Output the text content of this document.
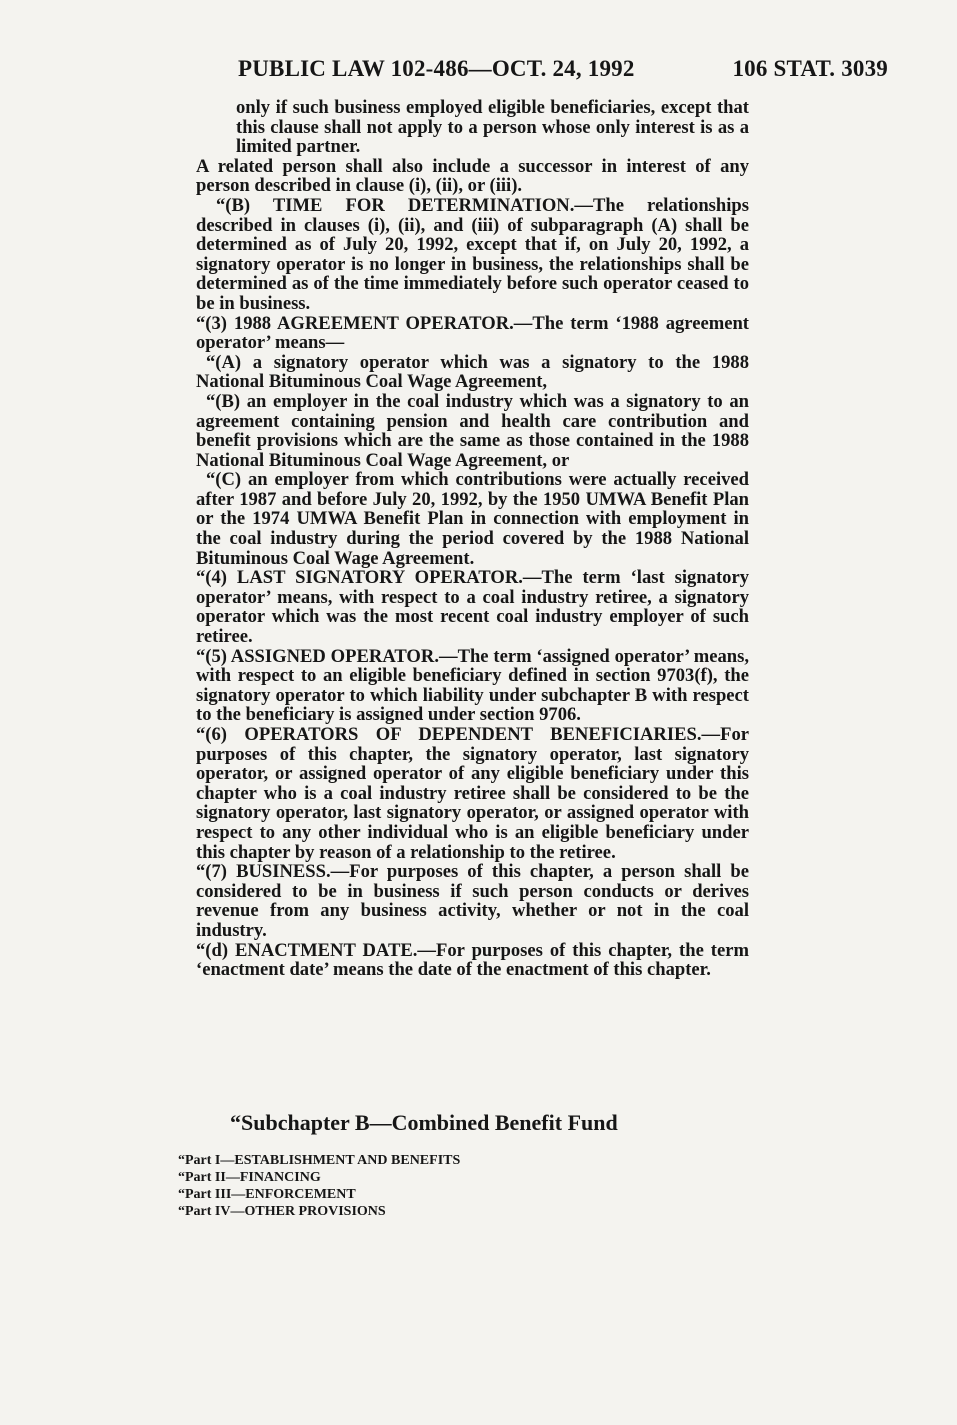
PUBLIC LAW 102-486—OCT. 24, 1992	106 STAT. 3039

only if such business employed eligible beneficiaries, except that this clause shall not apply to a person whose only interest is as a limited partner.

A related person shall also include a successor in interest of any person described in clause (i), (ii), or (iii).

“(B) TIME FOR DETERMINATION.—The relationships described in clauses (i), (ii), and (iii) of subparagraph (A) shall be determined as of July 20, 1992, except that if, on July 20, 1992, a signatory operator is no longer in business, the relationships shall be determined as of the time immediately before such operator ceased to be in business.

“(3) 1988 AGREEMENT OPERATOR.—The term ‘1988 agreement operator’ means—

“(A) a signatory operator which was a signatory to the 1988 National Bituminous Coal Wage Agreement,

“(B) an employer in the coal industry which was a signatory to an agreement containing pension and health care contribution and benefit provisions which are the same as those contained in the 1988 National Bituminous Coal Wage Agreement, or

“(C) an employer from which contributions were actually received after 1987 and before July 20, 1992, by the 1950 UMWA Benefit Plan or the 1974 UMWA Benefit Plan in connection with employment in the coal industry during the period covered by the 1988 National Bituminous Coal Wage Agreement.

“(4) LAST SIGNATORY OPERATOR.—The term ‘last signatory operator’ means, with respect to a coal industry retiree, a signatory operator which was the most recent coal industry employer of such retiree.

“(5) ASSIGNED OPERATOR.—The term ‘assigned operator’ means, with respect to an eligible beneficiary defined in section 9703(f), the signatory operator to which liability under subchapter B with respect to the beneficiary is assigned under section 9706.

“(6) OPERATORS OF DEPENDENT BENEFICIARIES.—For purposes of this chapter, the signatory operator, last signatory operator, or assigned operator of any eligible beneficiary under this chapter who is a coal industry retiree shall be considered to be the signatory operator, last signatory operator, or assigned operator with respect to any other individual who is an eligible beneficiary under this chapter by reason of a relationship to the retiree.

“(7) BUSINESS.—For purposes of this chapter, a person shall be considered to be in business if such person conducts or derives revenue from any business activity, whether or not in the coal industry.

“(d) ENACTMENT DATE.—For purposes of this chapter, the term ‘enactment date’ means the date of the enactment of this chapter.

“Subchapter B—Combined Benefit Fund
“Part I—ESTABLISHMENT AND BENEFITS
“Part II—FINANCING
“Part III—ENFORCEMENT
“Part IV—OTHER PROVISIONS
